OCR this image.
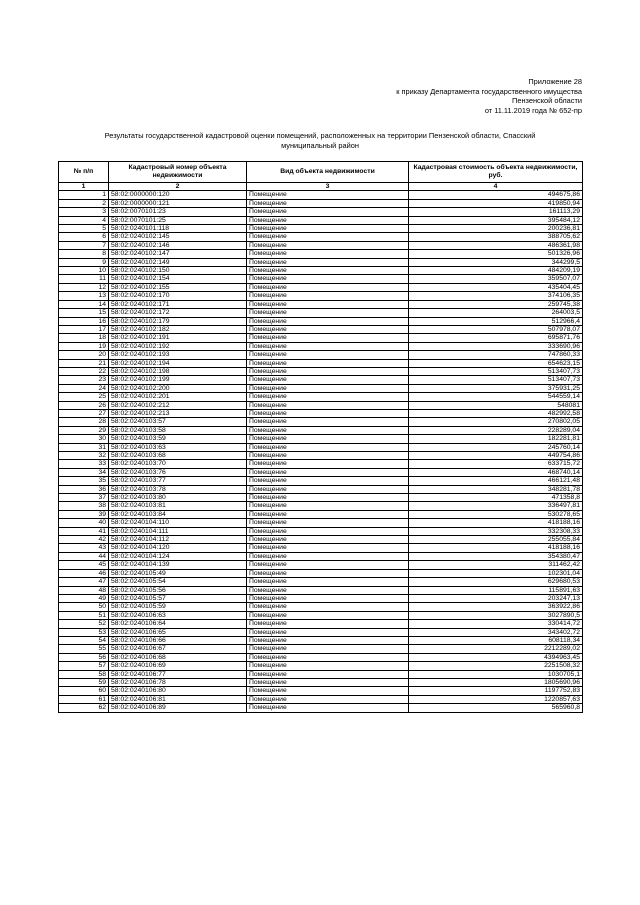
Приложение 28
к приказу Департамента государственного имущества
Пензенской области
от 11.11.2019 года № 652-пр
Результаты государственной кадастровой оценки помещений, расположенных на территории Пензенской области, Спасский
муниципальный район
№ п/п	Кадастровый номер объекта недвижимости	Вид объекта недвижимости	Кадастровая стоимость объекта недвижимости, руб.
1	2	3	4
1	58:02:0000000:120	Помещение	494675,86
2	58:02:0000000:121	Помещение	419850,94
3	58:02:0070101:23	Помещение	161113,29
4	58:02:0070101:25	Помещение	395484,12
5	58:02:0240101:118	Помещение	200236,81
6	58:02:0240102:145	Помещение	388705,62
7	58:02:0240102:146	Помещение	486361,98
8	58:02:0240102:147	Помещение	501326,96
9	58:02:0240102:149	Помещение	344299,5
10	58:02:0240102:150	Помещение	484209,19
11	58:02:0240102:154	Помещение	359507,07
12	58:02:0240102:155	Помещение	435404,45
13	58:02:0240102:170	Помещение	374106,35
14	58:02:0240102:171	Помещение	259745,38
15	58:02:0240102:172	Помещение	264003,5
16	58:02:0240102:179	Помещение	512966,4
17	58:02:0240102:182	Помещение	507978,07
18	58:02:0240102:191	Помещение	695871,76
19	58:02:0240102:192	Помещение	333690,96
20	58:02:0240102:193	Помещение	747860,33
21	58:02:0240102:194	Помещение	654623,15
22	58:02:0240102:198	Помещение	513407,73
23	58:02:0240102:199	Помещение	513407,73
24	58:02:0240102:200	Помещение	375931,25
25	58:02:0240102:201	Помещение	544559,14
26	58:02:0240102:212	Помещение	548081
27	58:02:0240102:213	Помещение	482992,58
28	58:02:0240103:57	Помещение	270802,05
29	58:02:0240103:58	Помещение	228289,04
30	58:02:0240103:59	Помещение	182281,81
31	58:02:0240103:63	Помещение	245760,14
32	58:02:0240103:68	Помещение	449754,86
33	58:02:0240103:70	Помещение	633715,72
34	58:02:0240103:76	Помещение	468740,14
35	58:02:0240103:77	Помещение	466121,48
36	58:02:0240103:78	Помещение	348281,78
37	58:02:0240103:80	Помещение	471358,8
38	58:02:0240103:81	Помещение	336497,81
39	58:02:0240103:84	Помещение	530278,65
40	58:02:0240104:110	Помещение	418188,16
41	58:02:0240104:111	Помещение	332308,33
42	58:02:0240104:112	Помещение	255055,84
43	58:02:0240104:120	Помещение	418188,16
44	58:02:0240104:124	Помещение	354380,47
45	58:02:0240104:139	Помещение	311462,42
46	58:02:0240105:49	Помещение	102301,04
47	58:02:0240105:54	Помещение	629680,53
48	58:02:0240105:56	Помещение	115891,63
49	58:02:0240105:57	Помещение	203247,13
50	58:02:0240105:59	Помещение	363922,86
51	58:02:0240106:63	Помещение	3027890,5
52	58:02:0240106:64	Помещение	330414,72
53	58:02:0240106:65	Помещение	343402,72
54	58:02:0240106:66	Помещение	608118,34
55	58:02:0240106:67	Помещение	2212289,02
56	58:02:0240106:68	Помещение	4394963,45
57	58:02:0240106:69	Помещение	2251508,32
58	58:02:0240106:77	Помещение	1030705,1
59	58:02:0240106:78	Помещение	1805690,96
60	58:02:0240106:80	Помещение	1197752,83
61	58:02:0240106:81	Помещение	1220857,63
62	58:02:0240106:89	Помещение	565960,8
